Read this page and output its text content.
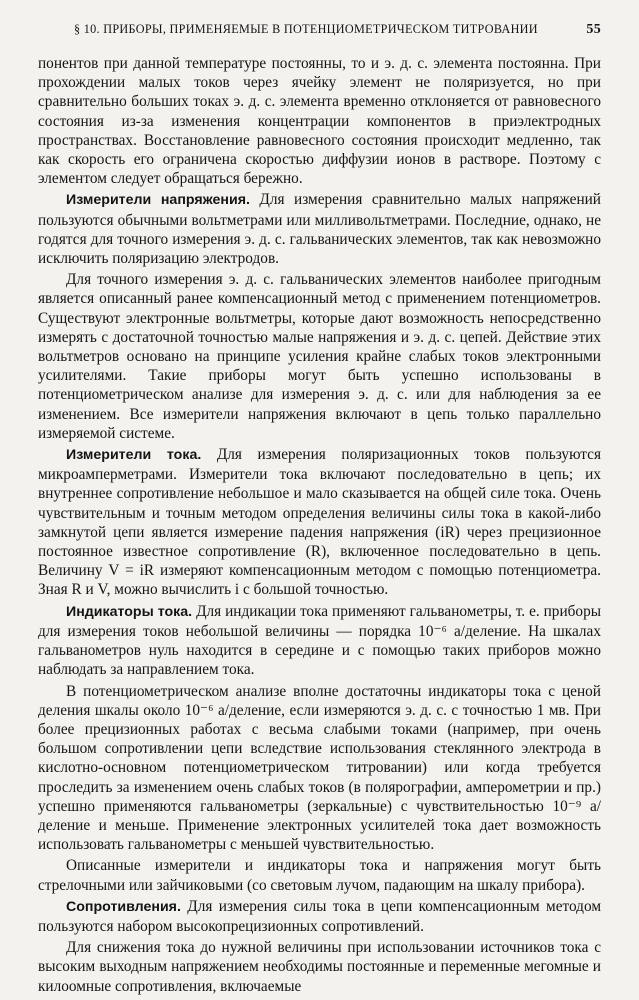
§ 10. ПРИБОРЫ, ПРИМЕНЯЕМЫЕ В ПОТЕНЦИОМЕТРИЧЕСКОМ ТИТРОВАНИИ	55

понентов при данной температуре постоянны, то и э. д. с. элемента постоянна. При прохождении малых токов через ячейку элемент не поляризуется, но при сравнительно больших токах э. д. с. элемента временно отклоняется от равновесного состояния из-за изменения концентрации компонентов в приэлектродных пространствах. Восстановление равновесного состояния происходит медленно, так как скорость его ограничена скоростью диффузии ионов в растворе. Поэтому с элементом следует обращаться бережно.

Измерители напряжения. Для измерения сравнительно малых напряжений пользуются обычными вольтметрами или милливольтметрами. Последние, однако, не годятся для точного измерения э. д. с. гальванических элементов, так как невозможно исключить поляризацию электродов.

Для точного измерения э. д. с. гальванических элементов наиболее пригодным является описанный ранее компенсационный метод с применением потенциометров. Существуют электронные вольтметры, которые дают возможность непосредственно измерять с достаточной точностью малые напряжения и э. д. с. цепей. Действие этих вольтметров основано на принципе усиления крайне слабых токов электронными усилителями. Такие приборы могут быть успешно использованы в потенциометрическом анализе для измерения э. д. с. или для наблюдения за ее изменением. Все измерители напряжения включают в цепь только параллельно измеряемой системе.

Измерители тока. Для измерения поляризационных токов пользуются микроамперметрами. Измерители тока включают последовательно в цепь; их внутреннее сопротивление небольшое и мало сказывается на общей силе тока. Очень чувствительным и точным методом определения величины силы тока в какой-либо замкнутой цепи является измерение падения напряжения (iR) через прецизионное постоянное известное сопротивление (R), включенное последовательно в цепь. Величину V = iR измеряют компенсационным методом с помощью потенциометра. Зная R и V, можно вычислить i с большой точностью.

Индикаторы тока. Для индикации тока применяют гальванометры, т. е. приборы для измерения токов небольшой величины — порядка 10⁻⁶ а/деление. На шкалах гальванометров нуль находится в середине и с помощью таких приборов можно наблюдать за направлением тока.

В потенциометрическом анализе вполне достаточны индикаторы тока с ценой деления шкалы около 10⁻⁶ а/деление, если измеряются э. д. с. с точностью 1 мв. При более прецизионных работах с весьма слабыми токами (например, при очень большом сопротивлении цепи вследствие использования стеклянного электрода в кислотно-основном потенциометрическом титровании) или когда требуется проследить за изменением очень слабых токов (в полярографии, амперометрии и пр.) успешно применяются гальванометры (зеркальные) с чувствительностью 10⁻⁹ а/деление и меньше. Применение электронных усилителей тока дает возможность использовать гальванометры с меньшей чувствительностью.

Описанные измерители и индикаторы тока и напряжения могут быть стрелочными или зайчиковыми (со световым лучом, падающим на шкалу прибора).

Сопротивления. Для измерения силы тока в цепи компенсационным методом пользуются набором высокопрецизионных сопротивлений.

Для снижения тока до нужной величины при использовании источников тока с высоким выходным напряжением необходимы постоянные и переменные мегомные и килоомные сопротивления, включаемые
